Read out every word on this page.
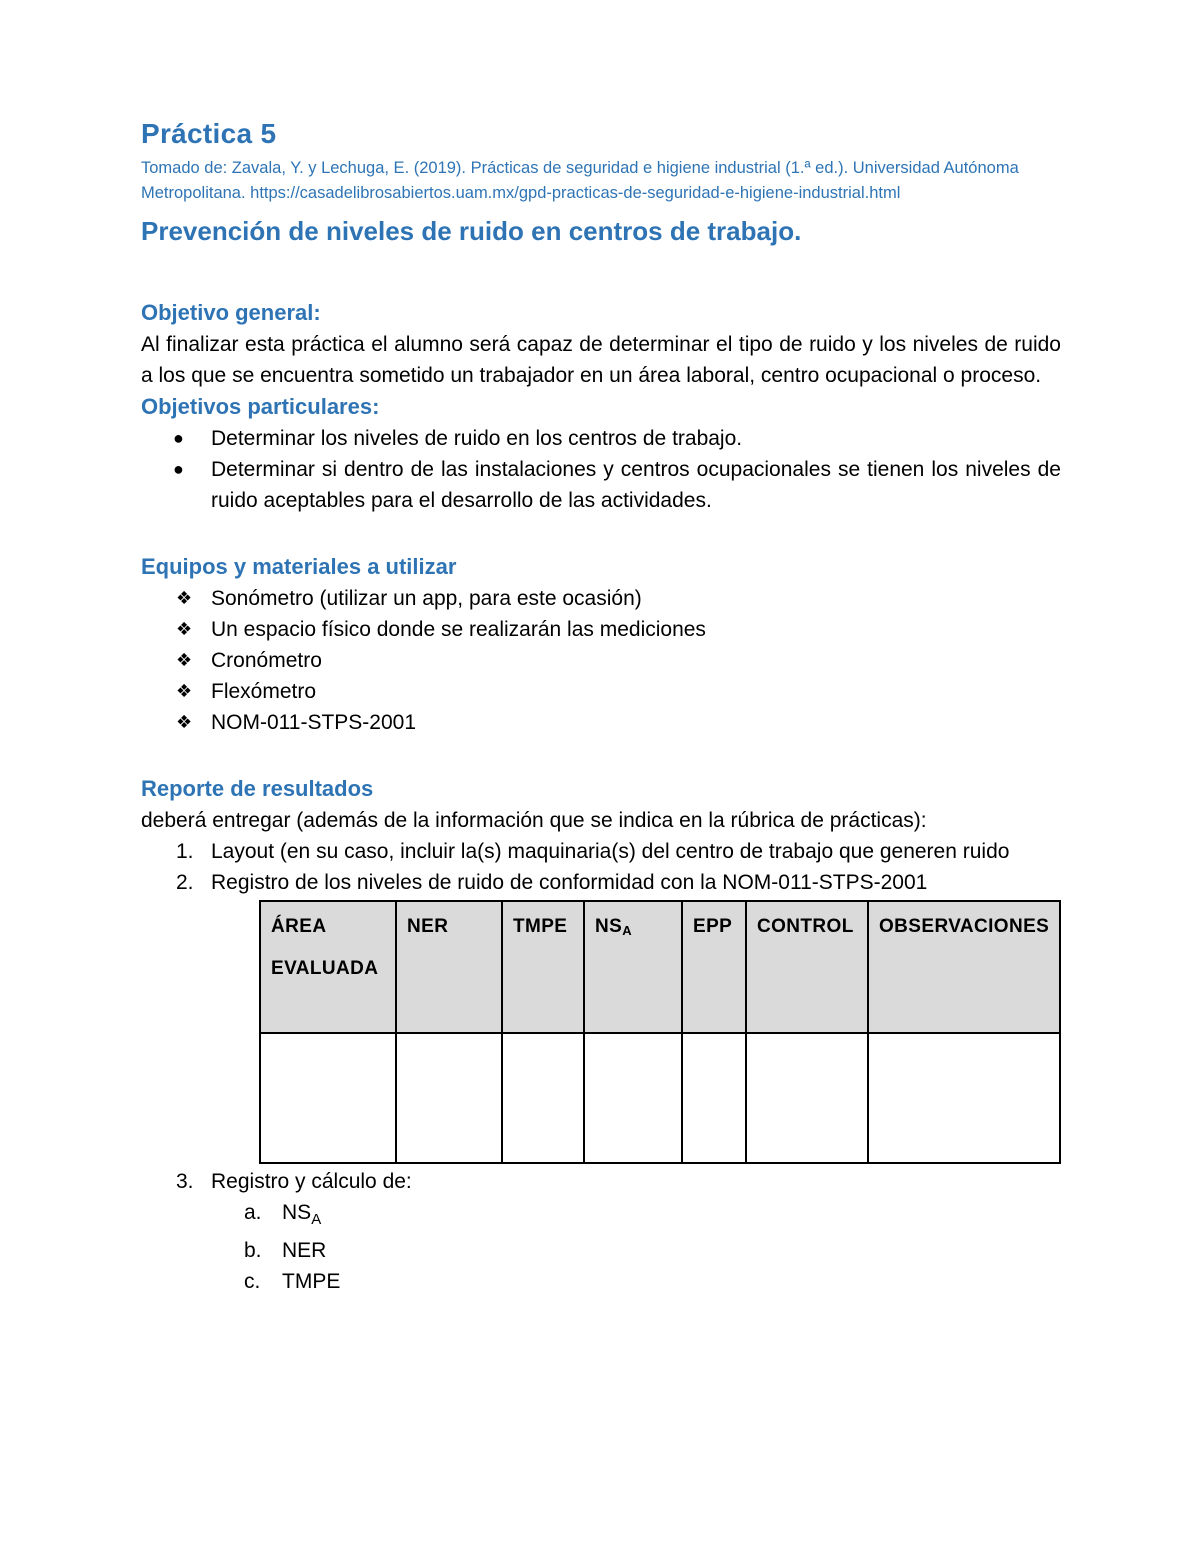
Práctica 5

Tomado de: Zavala, Y. y Lechuga, E. (2019). Prácticas de seguridad e higiene industrial (1.ª ed.). Universidad Autónoma Metropolitana. https://casadelibrosabiertos.uam.mx/gpd-practicas-de-seguridad-e-higiene-industrial.html

Prevención de niveles de ruido en centros de trabajo.
Objetivo general:

Al finalizar esta práctica el alumno será capaz de determinar el tipo de ruido y los niveles de ruido a los que se encuentra sometido un trabajador en un área laboral, centro ocupacional o proceso.

Objetivos particulares:
● Determinar los niveles de ruido en los centros de trabajo.
● Determinar si dentro de las instalaciones y centros ocupacionales se tienen los niveles de ruido aceptables para el desarrollo de las actividades.
Equipos y materiales a utilizar
❖ Sonómetro (utilizar un app, para este ocasión)
❖ Un espacio físico donde se realizarán las mediciones
❖ Cronómetro
❖ Flexómetro
❖ NOM-011-STPS-2001
Reporte de resultados

deberá entregar (además de la información que se indica en la rúbrica de prácticas):

1. Layout (en su caso, incluir la(s) maquinaria(s) del centro de trabajo que generen ruido
2. Registro de los niveles de ruido de conformidad con la NOM-011-STPS-2001
ÁREA
EVALUADA	NER	TMPE	$NS_A$	EPP	CONTROL	OBSERVACIONES

3. Registro y cálculo de:
a. $NS_A$
b. NER
c. TMPE
